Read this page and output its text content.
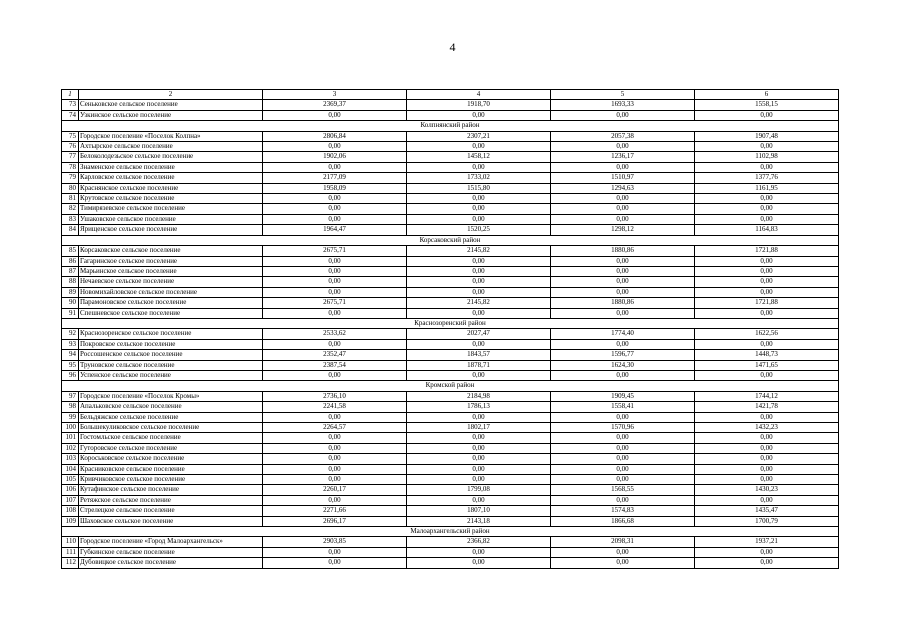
4
1	2	3	4	5	6
73	Сеньковское сельское поселение	2369,37	1918,70	1693,33	1558,15
74	Узкинское сельское поселение	0,00	0,00	0,00	0,00
Колпнянский район					
75	Городское поселение «Поселок Колпна»	2806,84	2307,21	2057,38	1907,48
76	Ахтырское сельское поселение	0,00	0,00	0,00	0,00
77	Белоколодезьское сельское поселение	1902,06	1458,12	1236,17	1102,98
78	Знаменское сельское поселение	0,00	0,00	0,00	0,00
79	Карловское сельское поселение	2177,09	1733,02	1510,97	1377,76
80	Краснянское сельское поселение	1958,09	1515,80	1294,63	1161,95
81	Крутовское сельское поселение	0,00	0,00	0,00	0,00
82	Тимирязевское сельское поселение	0,00	0,00	0,00	0,00
83	Ушаковское сельское поселение	0,00	0,00	0,00	0,00
84	Ярищенское сельское поселение	1964,47	1520,25	1298,12	1164,83
Корсаковский район					
85	Корсаковское сельское поселение	2675,71	2145,82	1880,86	1721,88
86	Гагаринское сельское поселение	0,00	0,00	0,00	0,00
87	Марьинское сельское поселение	0,00	0,00	0,00	0,00
88	Нечаевское сельское поселение	0,00	0,00	0,00	0,00
89	Новомихайловское сельское поселение	0,00	0,00	0,00	0,00
90	Парамоновское сельское поселение	2675,71	2145,82	1880,86	1721,88
91	Спешневское сельское поселение	0,00	0,00	0,00	0,00
Краснозоренский район					
92	Краснозоренское сельское поселение	2533,62	2027,47	1774,40	1622,56
93	Покровское сельское поселение	0,00	0,00	0,00	0,00
94	Россошенское сельское поселение	2352,47	1843,57	1596,77	1448,73
95	Труновское сельское поселение	2387,54	1878,71	1624,30	1471,65
96	Успенское сельское поселение	0,00	0,00	0,00	0,00
Кромской район					
97	Городское поселение «Поселок Кромы»	2736,10	2184,98	1909,45	1744,12
98	Апальковское сельское поселение	2241,58	1786,13	1558,41	1421,78
99	Бельдяжское сельское поселение	0,00	0,00	0,00	0,00
100	Большекуликовское сельское поселение	2264,57	1802,17	1570,96	1432,23
101	Гостомльское сельское поселение	0,00	0,00	0,00	0,00
102	Гуторовское сельское поселение	0,00	0,00	0,00	0,00
103	Короськовское сельское поселение	0,00	0,00	0,00	0,00
104	Красниковское сельское поселение	0,00	0,00	0,00	0,00
105	Кривчиковское сельское поселение	0,00	0,00	0,00	0,00
106	Кутафинское сельское поселение	2260,17	1799,08	1568,55	1430,23
107	Ретяжское сельское поселение	0,00	0,00	0,00	0,00
108	Стрелецкое сельское поселение	2271,66	1807,10	1574,83	1435,47
109	Шаховское сельское поселение	2696,17	2143,18	1866,68	1700,79
Малоархангельский район					
110	Городское поселение «Город Малоархангельск»	2903,85	2366,82	2098,31	1937,21
111	Губкинское сельское поселение	0,00	0,00	0,00	0,00
112	Дубовицкое сельское поселение	0,00	0,00	0,00	0,00
